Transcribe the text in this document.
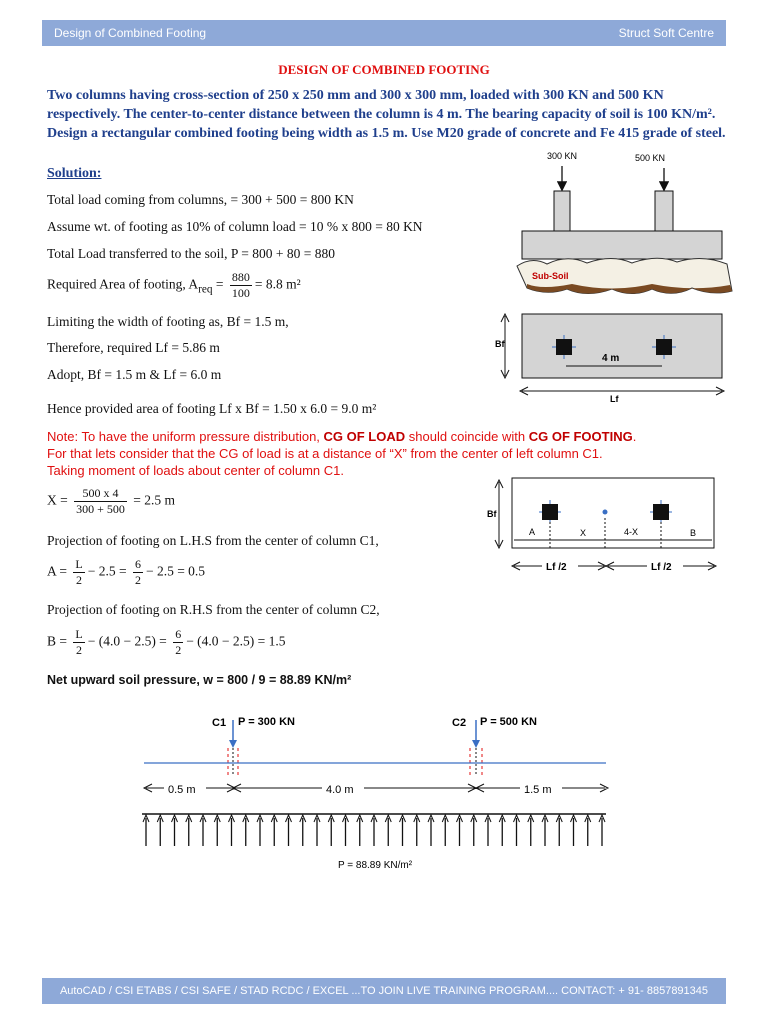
Design of Combined Footing	Struct Soft Centre
DESIGN OF COMBINED FOOTING
Two columns having cross-section of 250 x 250 mm and 300 x 300 mm, loaded with 300 KN and 500 KN respectively. The center-to-center distance between the column is 4 m. The bearing capacity of soil is 100 KN/m². Design a rectangular combined footing being width as 1.5 m. Use M20 grade of concrete and Fe 415 grade of steel.
Solution:
Total load coming from columns, = 300 + 500 = 800 KN
Assume wt. of footing as 10% of column load = 10 % x 800 = 80 KN
Total Load transferred to the soil, P = 800 + 80 = 880
Required Area of footing, $A_{req} = \frac{880}{100} = 8.8$ m²
Limiting the width of footing as, Bf = 1.5 m,
Therefore, required Lf = 5.86 m
Adopt, Bf = 1.5 m & Lf = 6.0 m
Hence provided area of footing Lf x Bf = 1.50 x 6.0 = 9.0 m²
Note: To have the uniform pressure distribution, CG OF LOAD should coincide with CG OF FOOTING.
For that lets consider that the CG of load is at a distance of “X” from the center of left column C1.
Taking moment of loads about center of column C1.
$X = \frac{500 x 4}{300 + 500} = 2.5$ m
Projection of footing on L.H.S from the center of column C1,
$A = \frac{L}{2} - 2.5 = \frac{6}{2} - 2.5 = 0.5$
Projection of footing on R.H.S from the center of column C2,
$B = \frac{L}{2} - (4.0 - 2.5) = \frac{6}{2} - (4.0 - 2.5) = 1.5$
Net upward soil pressure, w = 800 / 9 = 88.89 KN/m²
300 KN	500 KN
Sub-Soil
Bf
4 m
Lf
Bf
A	X	4-X	B
Lf /2	Lf /2
C1 P = 300 KN	C2 P = 500 KN
0.5 m	4.0 m	1.5 m
P = 88.89 KN/m²
AutoCAD / CSI ETABS / CSI SAFE / STAD RCDC / EXCEL ...TO JOIN LIVE TRAINING PROGRAM.... CONTACT: + 91- 8857891345
